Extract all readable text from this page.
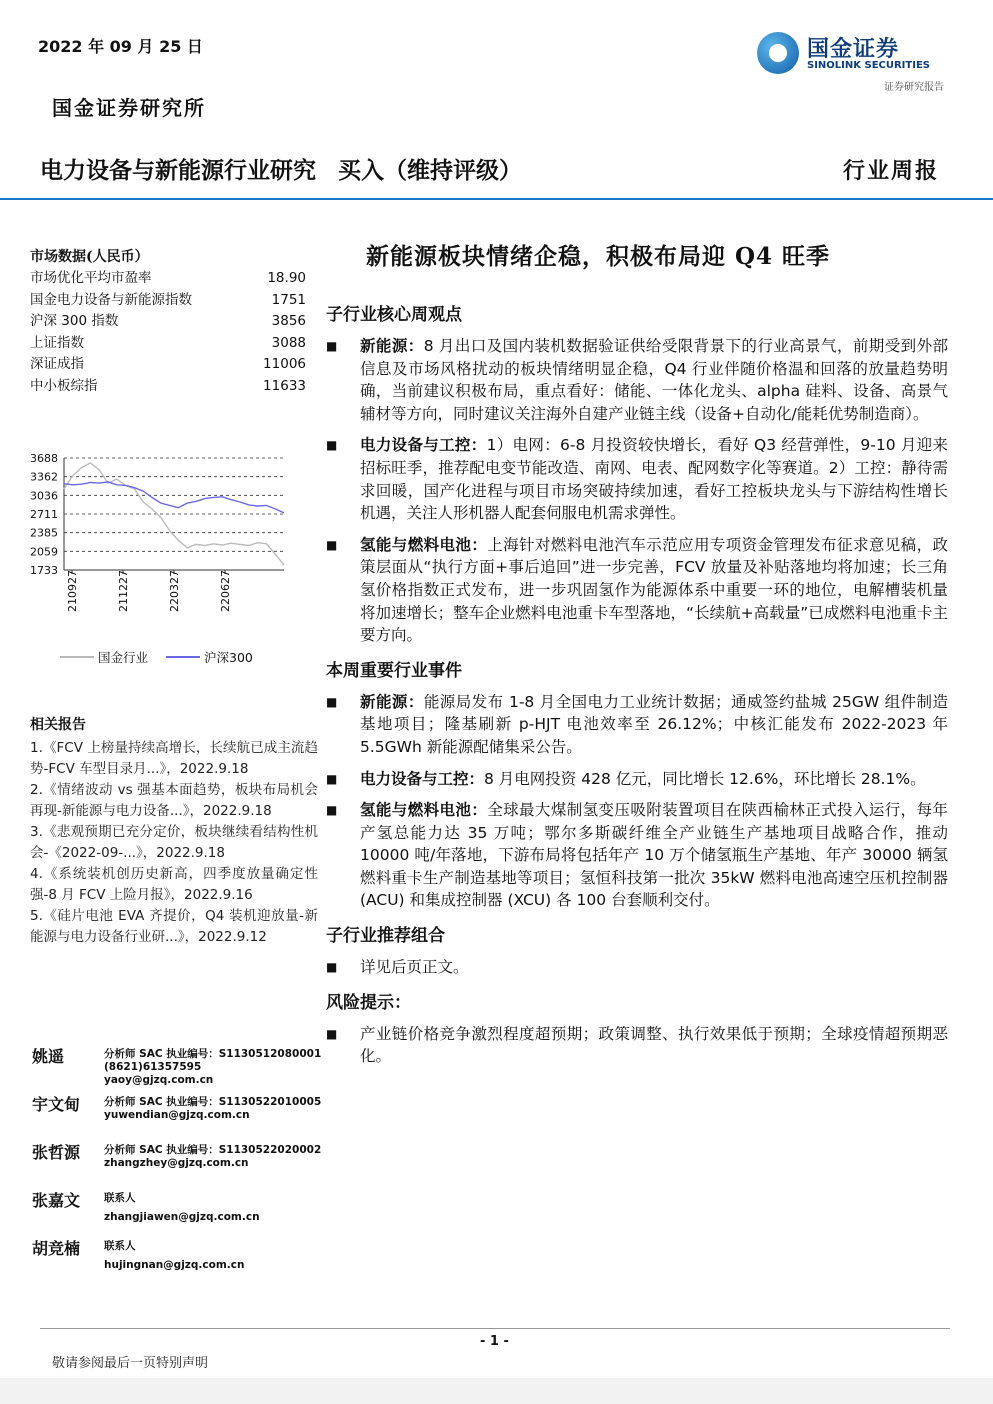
2022 年 09 月 25 日
国金证券研究所
国金证券
SINOLINK SECURITIES
证券研究报告
电力设备与新能源行业研究 买入（维持评级）	行业周报
市场数据(人民币）
市场优化平均市盈率	18.90
国金电力设备与新能源指数	1751
沪深 300 指数	3856
上证指数	3088
深证成指	11006
中小板综指	11633
3688
3362
3036
2711
2385
2059
1733 210927	211227	220327	220627
国金行业	沪深300
相关报告
1.《FCV 上榜量持续高增长，长续航已成主流趋势-FCV 车型目录月...》，2022.9.18
2.《情绪波动 vs 强基本面趋势，板块布局机会再现-新能源与电力设备...》，2022.9.18
3.《悲观预期已充分定价，板块继续看结构性机会-《2022-09-...》，2022.9.18
4.《系统装机创历史新高，四季度放量确定性强-8 月 FCV 上险月报》，2022.9.16
5.《硅片电池 EVA 齐提价，Q4 装机迎放量-新能源与电力设备行业研...》，2022.9.12
姚遥	分析师 SAC 执业编号：S1130512080001
(8621)61357595
yaoy@gjzq.com.cn
宇文甸 分析师 SAC 执业编号：S1130522010005
yuwendian@gjzq.com.cn
张哲源 分析师 SAC 执业编号：S1130522020002
zhangzhey@gjzq.com.cn
张嘉文 联系人
zhangjiawen@gjzq.com.cn
胡竞楠 联系人
hujingnan@gjzq.com.cn
新能源板块情绪企稳，积极布局迎 Q4 旺季
子行业核心周观点
■ 新能源：8 月出口及国内装机数据验证供给受限背景下的行业高景气，前期受到外部信息及市场风格扰动的板块情绪明显企稳，Q4 行业伴随价格温和回落的放量趋势明确，当前建议积极布局，重点看好：储能、一体化龙头、alpha 硅料、设备、高景气辅材等方向，同时建议关注海外自建产业链主线（设备+自动化/能耗优势制造商）。
■ 电力设备与工控：1）电网：6-8 月投资较快增长，看好 Q3 经营弹性，9-10 月迎来招标旺季，推荐配电变节能改造、南网、电表、配网数字化等赛道。2）工控：静待需求回暖，国产化进程与项目市场突破持续加速，看好工控板块龙头与下游结构性增长机遇，关注人形机器人配套伺服电机需求弹性。
■ 氢能与燃料电池：上海针对燃料电池汽车示范应用专项资金管理发布征求意见稿，政策层面从“执行方面+事后追回”进一步完善，FCV 放量及补贴落地均将加速；长三角氢价格指数正式发布，进一步巩固氢作为能源体系中重要一环的地位，电解槽装机量将加速增长；整车企业燃料电池重卡车型落地，“长续航+高载量”已成燃料电池重卡主要方向。
本周重要行业事件
■ 新能源：能源局发布 1-8 月全国电力工业统计数据；通威签约盐城 25GW 组件制造基地项目；隆基刷新 p-HJT 电池效率至 26.12%；中核汇能发布 2022-2023 年 5.5GWh 新能源配储集采公告。
■ 电力设备与工控：8 月电网投资 428 亿元，同比增长 12.6%，环比增长 28.1%。
■ 氢能与燃料电池：全球最大煤制氢变压吸附装置项目在陕西榆林正式投入运行，每年产氢总能力达 35 万吨；鄂尔多斯碳纤维全产业链生产基地项目战略合作，推动 10000 吨/年落地，下游布局将包括年产 10 万个储氢瓶生产基地、年产 30000 辆氢燃料重卡生产制造基地等项目；氢恒科技第一批次 35kW 燃料电池高速空压机控制器 (ACU) 和集成控制器 (XCU) 各 100 台套顺利交付。
子行业推荐组合
■ 详见后页正文。
风险提示：
■ 产业链价格竞争激烈程度超预期；政策调整、执行效果低于预期；全球疫情超预期恶化。
- 1 -
敬请参阅最后一页特别声明
